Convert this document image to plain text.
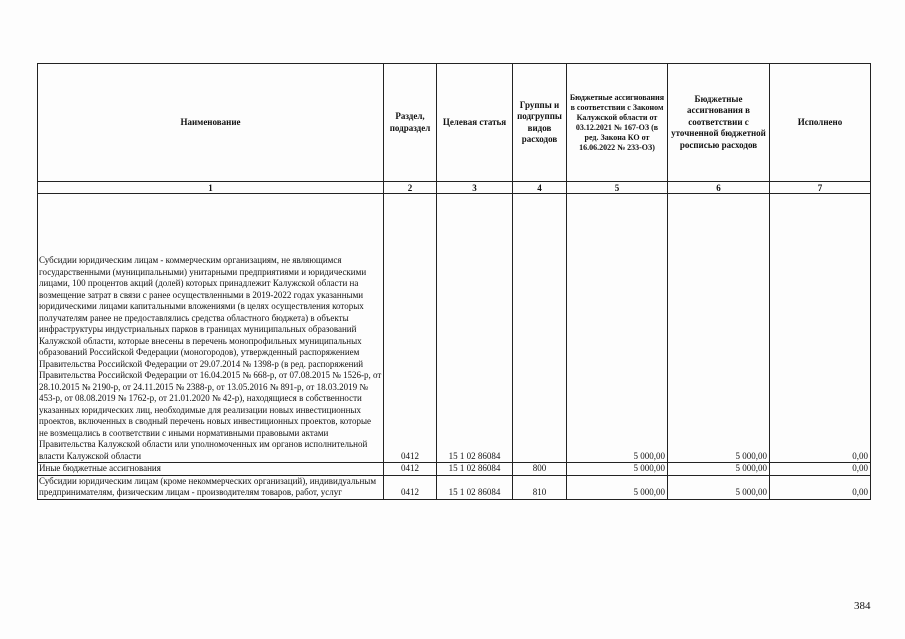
Наименование	Раздел, подраздел	Целевая статья	Группы и подгруппы видов расходов	Бюджетные ассигнования в соответствии с Законом Калужской области от 03.12.2021 № 167-ОЗ (в ред. Закона КО от 16.06.2022 № 233-ОЗ)	Бюджетные ассигнования в соответствии с уточненной бюджетной росписью расходов	Исполнено
1	2	3	4	5	6	7
Субсидии юридическим лицам - коммерческим организациям, не являющимся государственными (муниципальными) унитарными предприятиями и юридическими лицами, 100 процентов акций (долей) которых принадлежит Калужской области на возмещение затрат в связи с ранее осуществленными в 2019-2022 годах указанными юридическими лицами капитальными вложениями (в целях осуществления которых получателям ранее не предоставлялись средства областного бюджета) в объекты инфраструктуры индустриальных парков в границах муниципальных образований Калужской области, которые внесены в перечень монопрофильных муниципальных образований Российской Федерации (моногородов), утвержденный распоряжением Правительства Российской Федерации от 29.07.2014 № 1398-р (в ред. распоряжений Правительства Российской Федерации от 16.04.2015 № 668-р, от 07.08.2015 № 1526-р, от 28.10.2015 № 2190-р, от 24.11.2015 № 2388-р, от 13.05.2016 № 891-р, от 18.03.2019 № 453-р, от 08.08.2019 № 1762-р, от 21.01.2020 № 42-р), находящиеся в собственности указанных юридических лиц, необходимые для реализации новых инвестиционных проектов, включенных в сводный перечень новых инвестиционных проектов, которые не возмещались в соответствии с иными нормативными правовыми актами Правительства Калужской области или уполномоченных им органов исполнительной власти Калужской области	0412	15 1 02 86084		5 000,00	5 000,00	0,00
Иные бюджетные ассигнования	0412	15 1 02 86084	800	5 000,00	5 000,00	0,00
Субсидии юридическим лицам (кроме некоммерческих организаций), индивидуальным предпринимателям, физическим лицам - производителям товаров, работ, услуг	0412	15 1 02 86084	810	5 000,00	5 000,00	0,00
384
